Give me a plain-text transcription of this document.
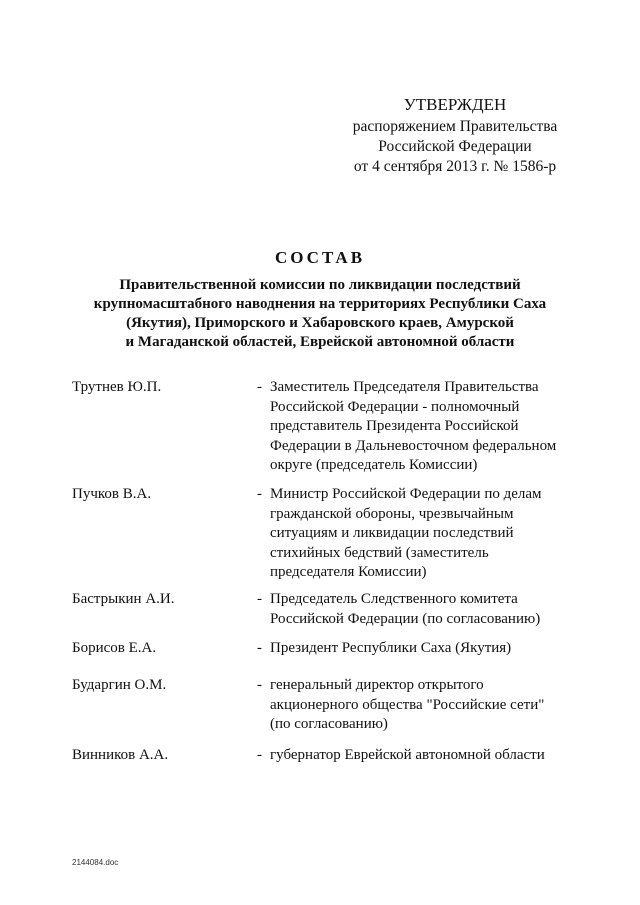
УТВЕРЖДЕН
распоряжением Правительства
Российской Федерации
от 4 сентября 2013 г. № 1586-р
СОСТАВ
Правительственной комиссии по ликвидации последствий
крупномасштабного наводнения на территориях Республики Саха
(Якутия), Приморского и Хабаровского краев, Амурской
и Магаданской областей, Еврейской автономной области
Трутнев Ю.П.	- Заместитель Председателя Правительства
Российской Федерации - полномочный
представитель Президента Российской
Федерации в Дальневосточном федеральном
округе (председатель Комиссии)
Пучков В.А.	- Министр Российской Федерации по делам
гражданской обороны, чрезвычайным
ситуациям и ликвидации последствий
стихийных бедствий (заместитель
председателя Комиссии)
Бастрыкин А.И.	- Председатель Следственного комитета
Российской Федерации (по согласованию)
Борисов Е.А.	- Президент Республики Саха (Якутия)
Бударгин О.М.	- генеральный директор открытого
акционерного общества "Российские сети"
(по согласованию)
Винников А.А.	- губернатор Еврейской автономной области
2144084.doc
